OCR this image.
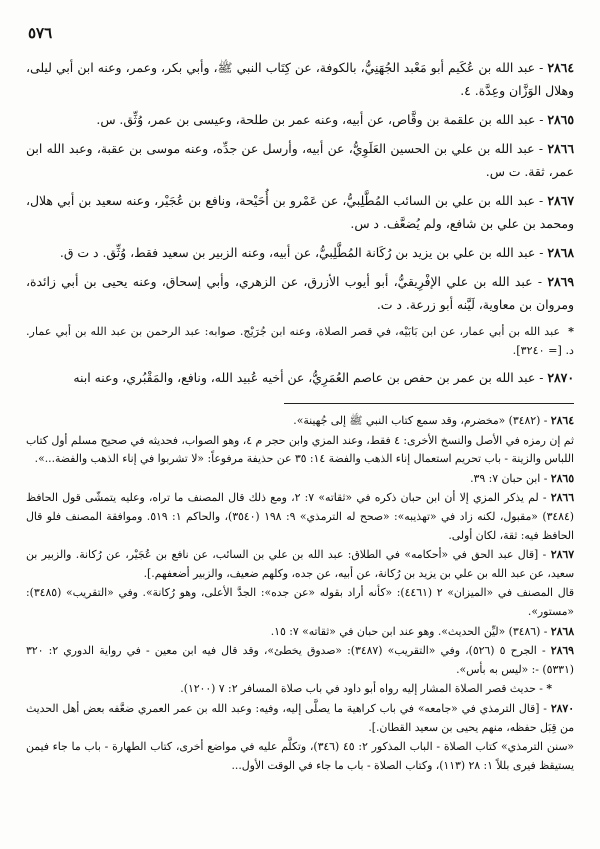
٥٧٦

٢٨٦٤ - عبد الله بن عُكَيم أبو مَعْبد الجُهَنِيُّ، بالكوفة، عن كِتَاب النبي ﷺ، وأبي بكر، وعمر، وعنه ابن أبي ليلى، وهلال الوَزَّان وعِدَّة. ٤.

٢٨٦٥ - عبد الله بن علقمة بن وقَّاص، عن أبيه، وعنه عمر بن طلحة، وعيسى بن عمر، وُثِّق. س.

٢٨٦٦ - عبد الله بن علي بن الحسين العَلَوِيُّ، عن أبيه، وأرسل عن جدِّه، وعنه موسى بن عقبة، وعبد الله ابن عمر، ثقة. ت س.

٢٨٦٧ - عبد الله بن علي بن السائب المُطَّلِبيُّ، عن عَمْرو بن أُحَيْحة، ونافع بن عُجَيْر، وعنه سعيد بن أبي هلال، ومحمد بن علي بن شافع، ولم يُضعَّف. د س.

٢٨٦٨ - عبد الله بن علي بن يزيد بن رُكَانة المُطَّلِبيُّ، عن أبيه، وعنه الزبير بن سعيد فقط، وُثِّق. د ت ق.

٢٨٦٩ - عبد الله بن علي الإفْرِيقيُّ، أبو أيوب الأزرق، عن الزهري، وأبي إسحاق، وعنه يحيى بن أبي زائدة، ومروان بن معاوية، لَيَّنه أبو زرعة. د ت.

* عبد الله بن أبي عمار، عن ابن بَابَيْه، في قصر الصلاة، وعنه ابن جُرَيْج. صوابه: عبد الرحمن بن عبد الله بن أبي عمار. د. [= ٣٢٤٠].

٢٨٧٠ - عبد الله بن عمر بن حفص بن عاصم العُمَرِيُّ، عن أخيه عُبيد الله، ونافع، والمَقْبُري، وعنه ابنه

٢٨٦٤ - (٣٤٨٢) «مخضرم، وقد سمع كتاب النبي ﷺ إلى جُهينة».

ثم إن رمزه في الأصل والنسخ الأخرى: ٤ فقط، وعند المزي وابن حجر م ٤، وهو الصواب، فحديثه في صحيح مسلم أول كتاب اللباس والزينة - باب تحريم استعمال إناء الذهب والفضة ١٤: ٣٥ عن حذيفة مرفوعاً: «لا تشربوا في إناء الذهب والفضة...».

٢٨٦٥ - ابن حبان ٧: ٣٩.

٢٨٦٦ - لم يذكر المزي إلا أن ابن حبان ذكره في «ثقاته» ٧: ٢، ومع ذلك قال المصنف ما تراه، وعليه يتمشّى قول الحافظ (٣٤٨٤) «مقبول، لكنه زاد في «تهذيبه»: «صحح له الترمذي» ٩: ١٩٨ (٣٥٤٠)، والحاكم ١: ٥١٩. وموافقة المصنف فلو قال الحافظ فيه: ثقة، لكان أولى.

٢٨٦٧ - [قال عبد الحق في «أحكامه» في الطلاق: عبد الله بن علي بن السائب، عن نافع بن عُجَيْر، عن رُكانة. والزبير بن سعيد، عن عبد الله بن علي بن يزيد بن رُكانة، عن أبيه، عن جده، وكلهم ضعيف، والزبير أضعفهم.].

قال المصنف في «الميزان» ٢ (٤٤٦١): «كأنه أراد بقوله «عن جده»: الجدَّ الأعلى، وهو رُكانة». وفي «التقريب» (٣٤٨٥): «مستور».

٢٨٦٨ - (٣٤٨٦) «ليِّن الحديث». وهو عند ابن حبان في «ثقاته» ٧: ١٥.

٢٨٦٩ - الجرح ٥ (٥٢٦)، وفي «التقريب» (٣٤٨٧): «صدوق يخطئ»، وقد قال فيه ابن معين - في رواية الدوري ٢: ٣٢٠ (٥٣٣١) -: «ليس به بأس».

* - حديث قصر الصلاة المشار إليه رواه أبو داود في باب صلاة المسافر ٢: ٧ (١٢٠٠).

٢٨٧٠ - [قال الترمذي في «جامعه» في باب كراهية ما يصلَّى إليه، وفيه: وعبد الله بن عمر العمري ضعَّفه بعض أهل الحديث من قِبَل حفظه، منهم يحيى بن سعيد القطان.].

«سنن الترمذي» كتاب الصلاة - الباب المذكور ٢: ٤٥ (٣٤٦)، وتكلَّم عليه في مواضع أخرى، كتاب الطهارة - باب ما جاء فيمن يستيقظ فيرى بللاً ١: ٢٨ (١١٣)، وكتاب الصلاة - باب ما جاء في الوقت الأول...
